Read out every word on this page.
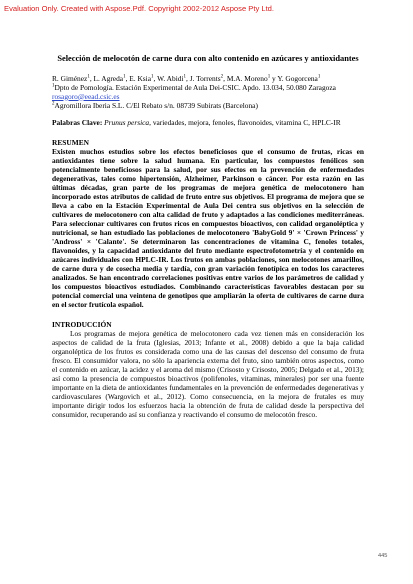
Evaluation Only. Created with Aspose.Pdf. Copyright 2002-2012 Aspose Pty Ltd.
Selección de melocotón de carne dura con alto contenido en azúcares y antioxidantes
R. Giménez$^1$, L. Agreda$^1$, E. Ksia$^1$, W. Abidi$^1$, J. Torrents$^2$, M.A. Moreno$^1$ y Y. Gogorcena$^1$
$^1$Dpto de Pomología. Estación Experimental de Aula Dei-CSIC. Apdo. 13.034, 50.080 Zaragoza
rosagoro@eead.csic.es
$^2$Agromillora Iberia S.L. C/El Rebato s/n. 08739 Subirats (Barcelona)
Palabras Clave: Prunus persica, variedades, mejora, fenoles, flavonoides, vitamina C, HPLC-IR
RESUMEN

Existen muchos estudios sobre los efectos beneficiosos que el consumo de frutas, ricas en antioxidantes tiene sobre la salud humana. En particular, los compuestos fenólicos son potencialmente beneficiosos para la salud, por sus efectos en la prevención de enfermedades degenerativas, tales como hipertensión, Alzheimer, Parkinson o cáncer. Por esta razón en las últimas décadas, gran parte de los programas de mejora genética de melocotonero han incorporado estos atributos de calidad de fruto entre sus objetivos. El programa de mejora que se lleva a cabo en la Estación Experimental de Aula Dei centra sus objetivos en la selección de cultivares de melocotonero con alta calidad de fruto y adaptados a las condiciones mediterráneas. Para seleccionar cultivares con frutos ricos en compuestos bioactivos, con calidad organoléptica y nutricional, se han estudiado las poblaciones de melocotonero 'BabyGold 9' × 'Crown Princess' y 'Andross' × 'Calante'. Se determinaron las concentraciones de vitamina C, fenoles totales, flavonoides, y la capacidad antioxidante del fruto mediante espectrofotometría y el contenido en azúcares individuales con HPLC-IR. Los frutos en ambas poblaciones, son melocotones amarillos, de carne dura y de cosecha media y tardía, con gran variación fenotípica en todos los caracteres analizados. Se han encontrado correlaciones positivas entre varios de los parámetros de calidad y los compuestos bioactivos estudiados. Combinando características favorables destacan por su potencial comercial una veintena de genotipos que ampliarán la oferta de cultivares de carne dura en el sector frutícola español.

INTRODUCCIÓN

Los programas de mejora genética de melocotonero cada vez tienen más en consideración los aspectos de calidad de la fruta (Iglesias, 2013; Infante et al., 2008) debido a que la baja calidad organoléptica de los frutos es considerada como una de las causas del descenso del consumo de fruta fresco. El consumidor valora, no sólo la apariencia externa del fruto, sino también otros aspectos, como el contenido en azúcar, la acidez y el aroma del mismo (Crisosto y Crisosto, 2005; Delgado et al., 2013); así como la presencia de compuestos bioactivos (polifenoles, vitaminas, minerales) por ser una fuente importante en la dieta de antioxidantes fundamentales en la prevención de enfermedades degenerativas y cardiovasculares (Wargovich et al., 2012). Como consecuencia, en la mejora de frutales es muy importante dirigir todos los esfuerzos hacia la obtención de fruta de calidad desde la perspectiva del consumidor, recuperando así su confianza y reactivando el consumo de melocotón fresco.

445
